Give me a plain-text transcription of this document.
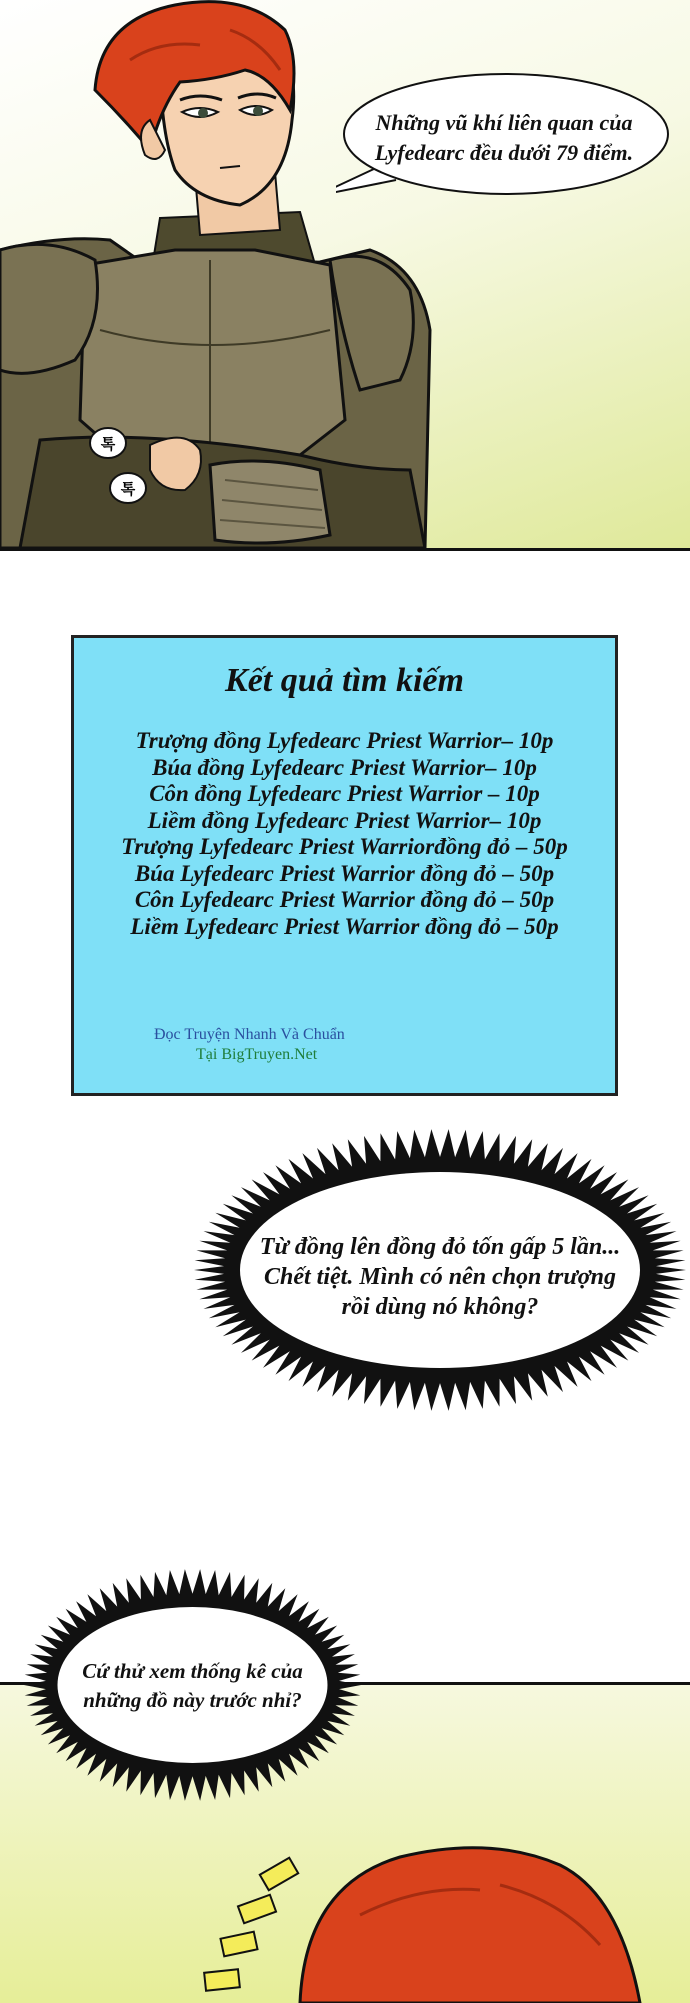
톡
톡
Những vũ khí liên quan của
Lyfedearc đều dưới 79 điểm.
Kết quả tìm kiếm
Trượng đồng Lyfedearc Priest Warrior– 10p
Búa đồng Lyfedearc Priest Warrior– 10p
Côn đồng Lyfedearc Priest Warrior – 10p
Liềm đồng Lyfedearc Priest Warrior– 10p
Trượng Lyfedearc Priest Warriorđồng đỏ – 50p
Búa Lyfedearc Priest Warrior đồng đỏ – 50p
Côn Lyfedearc Priest Warrior đồng đỏ – 50p
Liềm Lyfedearc Priest Warrior đồng đỏ – 50p
Đọc Truyện Nhanh Và Chuẩn
Tại BigTruyen.Net
Từ đồng lên đồng đỏ tốn gấp 5 lần...
Chết tiệt. Mình có nên chọn trượng
rồi dùng nó không?
Cứ thử xem thống kê của
những đồ này trước nhỉ?
